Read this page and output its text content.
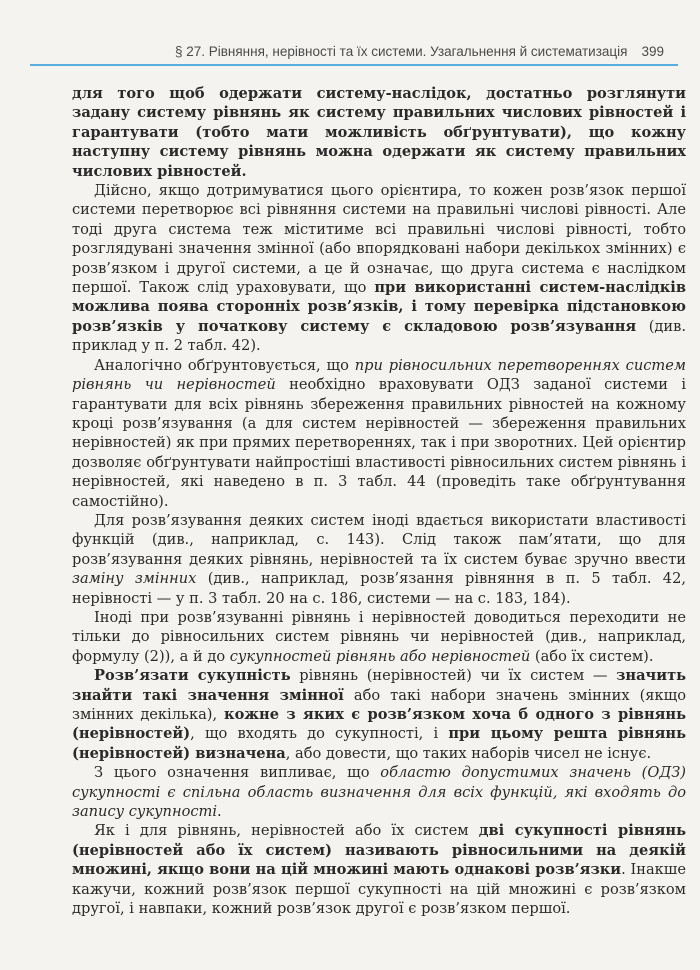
§ 27. Рівняння, нерівності та їх системи. Узагальнення й систематизація 399

для того щоб одержати систему-наслідок, достатньо розглянути задану систему рівнянь як систему правильних числових рівностей і гарантувати (тобто мати можливість обґрунтувати), що кожну наступну систему рівнянь можна одержати як систему правильних числових рівностей.

Дійсно, якщо дотримуватися цього орієнтира, то кожен розв’язок першої системи перетворює всі рівняння системи на правильні числові рівності. Але тоді друга система теж міститиме всі правильні числові рівності, тобто розглядувані значення змінної (або впорядковані набори декількох змінних) є розв’язком і другої системи, а це й означає, що друга система є наслідком першої. Також слід ураховувати, що при використанні систем-наслідків можлива поява сторонніх розв’язків, і тому перевірка підстановкою розв’язків у початкову систему є складовою розв’язування (див. приклад у п. 2 табл. 42).

Аналогічно обґрунтовується, що при рівносильних перетвореннях систем рівнянь чи нерівностей необхідно враховувати ОДЗ заданої системи і гарантувати для всіх рівнянь збереження правильних рівностей на кожному кроці розв’язування (а для систем нерівностей — збереження правильних нерівностей) як при прямих перетвореннях, так і при зворотних. Цей орієнтир дозволяє обґрунтувати найпростіші властивості рівносильних систем рівнянь і нерівностей, які наведено в п. 3 табл. 44 (проведіть таке обґрунтування самостійно).

Для розв’язування деяких систем іноді вдається використати властивості функцій (див., наприклад, с. 143). Слід також пам’ятати, що для розв’язування деяких рівнянь, нерівностей та їх систем буває зручно ввести заміну змінних (див., наприклад, розв’язання рівняння в п. 5 табл. 42, нерівності — у п. 3 табл. 20 на с. 186, системи — на с. 183, 184).

Іноді при розв’язуванні рівнянь і нерівностей доводиться переходити не тільки до рівносильних систем рівнянь чи нерівностей (див., наприклад, формулу (2)), а й до сукупностей рівнянь або нерівностей (або їх систем).

Розв’язати сукупність рівнянь (нерівностей) чи їх систем — значить знайти такі значення змінної або такі набори значень змінних (якщо змінних декілька), кожне з яких є розв’язком хоча б одного з рівнянь (нерівностей), що входять до сукупності, і при цьому решта рівнянь (нерівностей) визначена, або довести, що таких наборів чисел не існує.

З цього означення випливає, що областю допустимих значень (ОДЗ) сукупності є спільна область визначення для всіх функцій, які входять до запису сукупності.

Як і для рівнянь, нерівностей або їх систем дві сукупності рівнянь (нерівностей або їх систем) називають рівносильними на деякій множині, якщо вони на цій множині мають однакові розв’язки. Інакше кажучи, кожний розв’язок першої сукупності на цій множині є розв’язком другої, і навпаки, кожний розв’язок другої є розв’язком першої.
